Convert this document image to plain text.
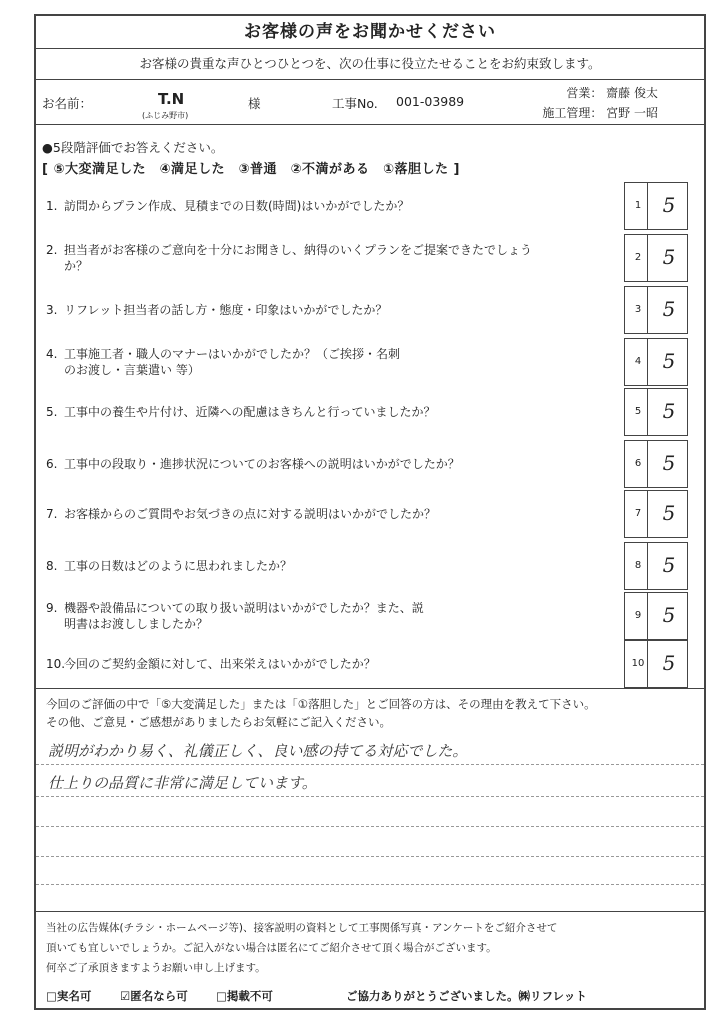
お客様の声をお聞かせください
お客様の貴重な声ひとつひとつを、次の仕事に役立たせることをお約束致します。
お名前：	T.N
(ふじみ野市)
様	工事No. 001-03989
営業： 齋藤 俊太
施工管理： 宮野 一昭
●5段階評価でお答えください。
[ ⑤大変満足した　④満足した　③普通　②不満がある　①落胆した ]
1. 訪問からプラン作成、見積までの日数(時間)はいかがでしたか？	1	5
2. 担当者がお客様のご意向を十分にお聞きし、納得のいくプランをご提案できたでしょうか？
2	5
3. リフレット担当者の話し方・態度・印象はいかがでしたか？	3	5
4. 工事施工者・職人のマナーはいかがでしたか？（ご挨拶・名刺のお渡し・言葉遣い 等）
4	5
5. 工事中の養生や片付け、近隣への配慮はきちんと行っていましたか？	5	5
6. 工事中の段取り・進捗状況についてのお客様への説明はいかがでしたか？	6	5
7. お客様からのご質問やお気づきの点に対する説明はいかがでしたか？	7	5
8. 工事の日数はどのように思われましたか？	8	5
9. 機器や設備品についての取り扱い説明はいかがでしたか？また、説明書はお渡ししましたか？
9	5
10.今回のご契約金額に対して、出来栄えはいかがでしたか？	10 5
今回のご評価の中で「⑤大変満足した」または「①落胆した」とご回答の方は、その理由を教えて下さい。
その他、ご意見・ご感想がありましたらお気軽にご記入ください。
説明がわかり易く、礼儀正しく、良い感の持てる対応でした。
仕上りの品質に非常に満足しています。
当社の広告媒体(チラシ・ホームページ等)、接客説明の資料として工事関係写真・アンケートをご紹介させて
頂いても宜しいでしょうか。ご記入がない場合は匿名にてご紹介させて頂く場合がございます。
何卒ご了承頂きますようお願い申し上げます。
□実名可 ☑匿名なら可 □掲載不可	ご協力ありがとうございました。㈱リフレット
